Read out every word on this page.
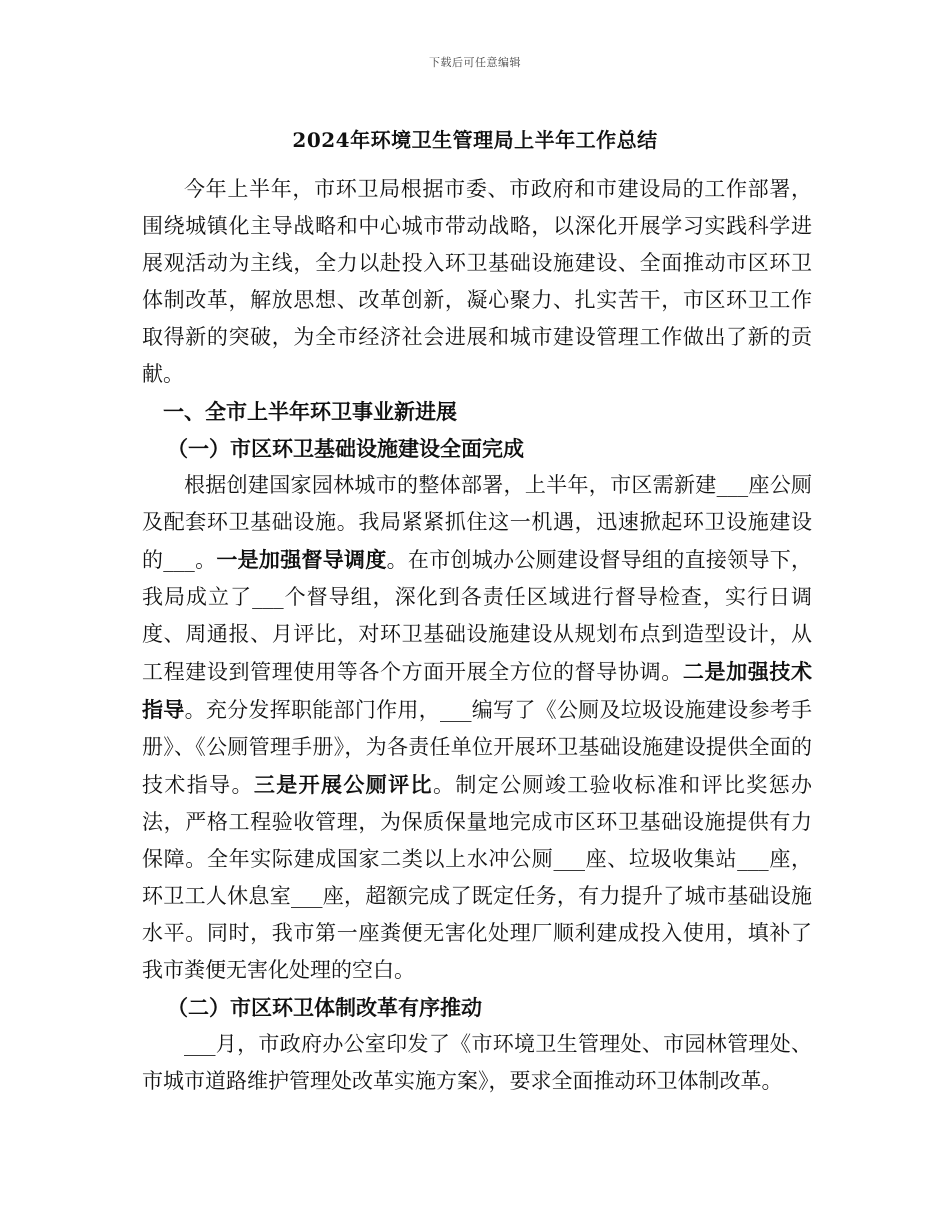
下载后可任意编辑
2024年环境卫生管理局上半年工作总结

今年上半年，市环卫局根据市委、市政府和市建设局的工作部署，围绕城镇化主导战略和中心城市带动战略，以深化开展学习实践科学进展观活动为主线，全力以赴投入环卫基础设施建设、全面推动市区环卫体制改革，解放思想、改革创新，凝心聚力、扎实苦干，市区环卫工作取得新的突破，为全市经济社会进展和城市建设管理工作做出了新的贡献。

一、全市上半年环卫事业新进展
（一）市区环卫基础设施建设全面完成

根据创建国家园林城市的整体部署，上半年，市区需新建___座公厕及配套环卫基础设施。我局紧紧抓住这一机遇，迅速掀起环卫设施建设的___。一是加强督导调度。在市创城办公厕建设督导组的直接领导下，我局成立了___个督导组，深化到各责任区域进行督导检查，实行日调度、周通报、月评比，对环卫基础设施建设从规划布点到造型设计，从工程建设到管理使用等各个方面开展全方位的督导协调。二是加强技术指导。充分发挥职能部门作用，___编写了《公厕及垃圾设施建设参考手册》、《公厕管理手册》，为各责任单位开展环卫基础设施建设提供全面的技术指导。三是开展公厕评比。制定公厕竣工验收标准和评比奖惩办法，严格工程验收管理，为保质保量地完成市区环卫基础设施提供有力保障。全年实际建成国家二类以上水冲公厕___座、垃圾收集站___座，环卫工人休息室___座，超额完成了既定任务，有力提升了城市基础设施水平。同时，我市第一座粪便无害化处理厂顺利建成投入使用，填补了我市粪便无害化处理的空白。

（二）市区环卫体制改革有序推动

___月，市政府办公室印发了《市环境卫生管理处、市园林管理处、市城市道路维护管理处改革实施方案》，要求全面推动环卫体制改革。
